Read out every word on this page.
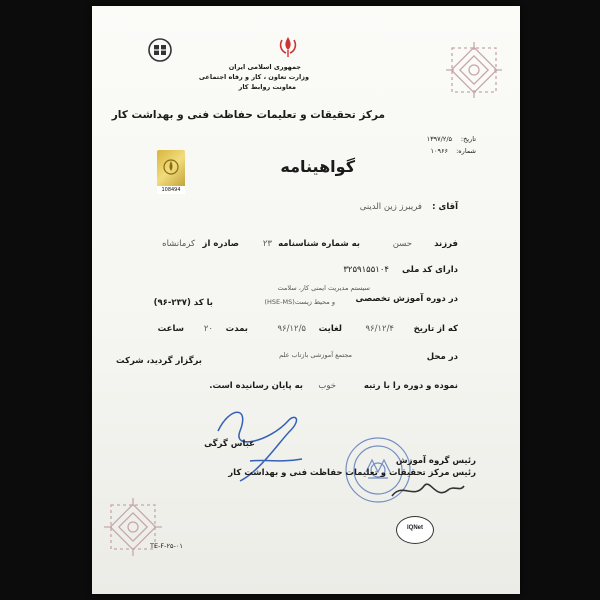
جمهوری اسلامی ایران
وزارت تعاون ، کار و رفاه اجتماعی
معاونت روابط کار
مرکز تحقیقات و تعلیمات حفاظت فنی و بهداشت کار
تاریخ:
۱۳۹۷/۲/۵
شماره:
۱۰۹۶۶
108494
گواهینامه
آقای :
فریبرز زین الدینی
فرزند
حسن
به شماره شناسنامه
۲۳
صادره از
کرمانشاه
دارای کد ملی
۳۲۵۹۱۵۵۱۰۴
سیستم مدیریت ایمنی کار، سلامت
در دوره آموزش تخصصی
و محیط زیست(HSE-MS)
با کد (۲۳۷-۹۶)
که از تاریخ
۹۶/۱۲/۴
لغایت
۹۶/۱۲/۵
بمدت
۲۰
ساعت
در محل
مجتمع آموزشی بازتاب علم
برگزار گردید، شرکت
نموده و دوره را با رتبه
خوب
به پایان رسانیده است.
عباس گرگی
رئیس گروه آموزش
رئیس مرکز تحقیقات و تعلیمات حفاظت فنی و بهداشت کار
IQNet
TE-F-۲۵-۰۱
